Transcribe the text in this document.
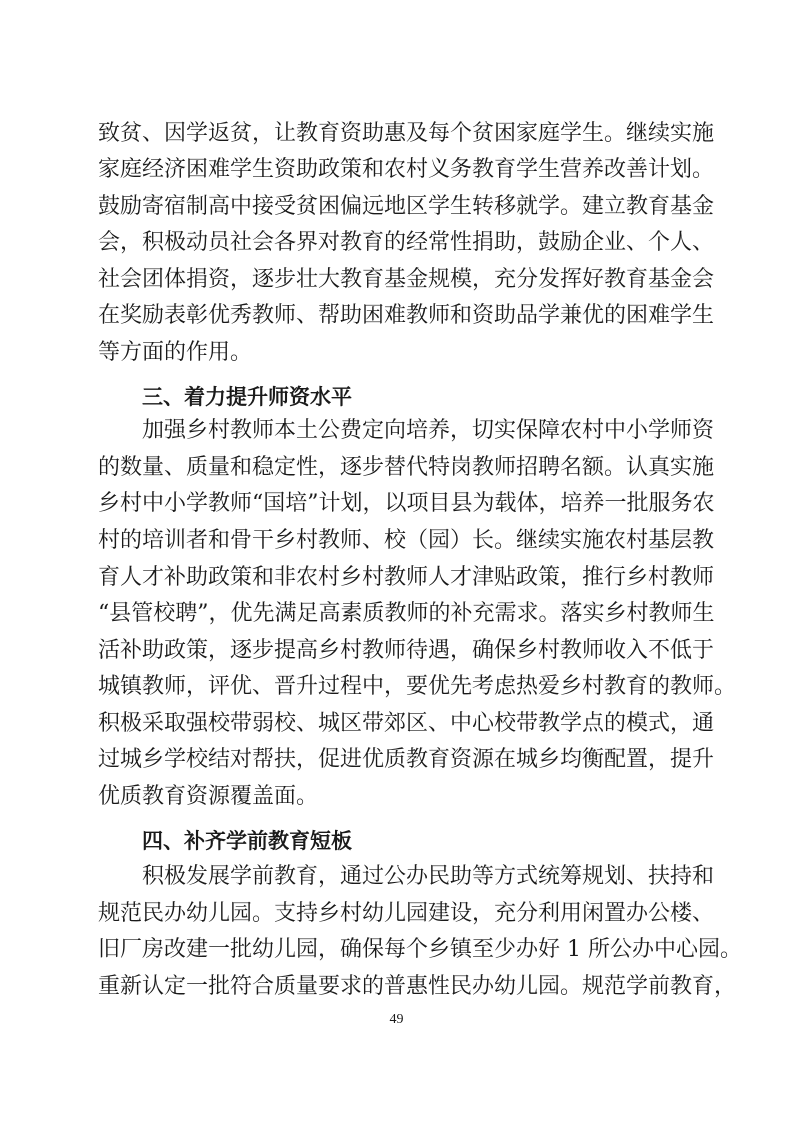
致贫、因学返贫，让教育资助惠及每个贫困家庭学生。继续实施
家庭经济困难学生资助政策和农村义务教育学生营养改善计划。
鼓励寄宿制高中接受贫困偏远地区学生转移就学。建立教育基金
会，积极动员社会各界对教育的经常性捐助，鼓励企业、个人、
社会团体捐资，逐步壮大教育基金规模，充分发挥好教育基金会
在奖励表彰优秀教师、帮助困难教师和资助品学兼优的困难学生
等方面的作用。
三、着力提升师资水平
加强乡村教师本土公费定向培养，切实保障农村中小学师资
的数量、质量和稳定性，逐步替代特岗教师招聘名额。认真实施
乡村中小学教师“国培”计划，以项目县为载体，培养一批服务农
村的培训者和骨干乡村教师、校（园）长。继续实施农村基层教
育人才补助政策和非农村乡村教师人才津贴政策，推行乡村教师
“县管校聘”，优先满足高素质教师的补充需求。落实乡村教师生
活补助政策，逐步提高乡村教师待遇，确保乡村教师收入不低于
城镇教师，评优、晋升过程中，要优先考虑热爱乡村教育的教师。
积极采取强校带弱校、城区带郊区、中心校带教学点的模式，通
过城乡学校结对帮扶，促进优质教育资源在城乡均衡配置，提升
优质教育资源覆盖面。
四、补齐学前教育短板
积极发展学前教育，通过公办民助等方式统筹规划、扶持和
规范民办幼儿园。支持乡村幼儿园建设，充分利用闲置办公楼、
旧厂房改建一批幼儿园，确保每个乡镇至少办好 1 所公办中心园。
重新认定一批符合质量要求的普惠性民办幼儿园。规范学前教育，
49
